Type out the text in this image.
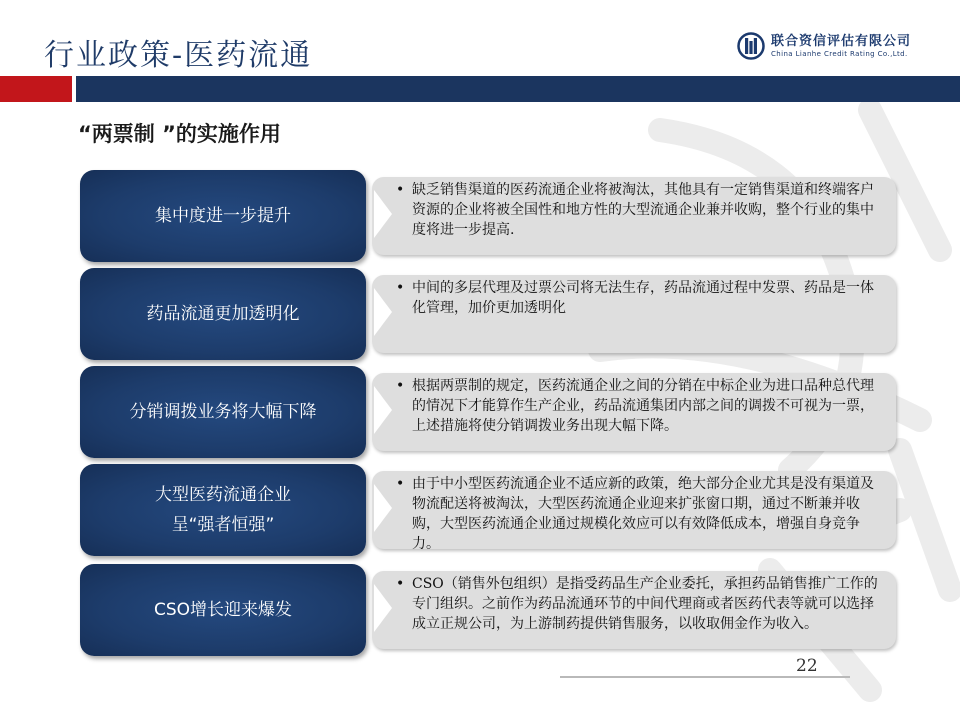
行业政策-医药流通	联合资信评估有限公司
China Lianhe Credit Rating Co.,Ltd.
“两票制 ”的实施作用
集中度进一步提升
• 缺乏销售渠道的医药流通企业将被淘汰，其他具有一定销售渠道和终端客户资源的企业将被全国性和地方性的大型流通企业兼并收购，整个行业的集中度将进一步提高.
药品流通更加透明化
• 中间的多层代理及过票公司将无法生存，药品流通过程中发票、药品是一体化管理，加价更加透明化
分销调拨业务将大幅下降
• 根据两票制的规定，医药流通企业之间的分销在中标企业为进口品种总代理的情况下才能算作生产企业，药品流通集团内部之间的调拨不可视为一票，上述措施将使分销调拨业务出现大幅下降。
大型医药流通企业
呈“强者恒强”
• 由于中小型医药流通企业不适应新的政策，绝大部分企业尤其是没有渠道及物流配送将被淘汰，大型医药流通企业迎来扩张窗口期，通过不断兼并收购，大型医药流通企业通过规模化效应可以有效降低成本，增强自身竞争力。
CSO增长迎来爆发
• CSO（销售外包组织）是指受药品生产企业委托，承担药品销售推广工作的专门组织。之前作为药品流通环节的中间代理商或者医药代表等就可以选择成立正规公司，为上游制药提供销售服务，以收取佣金作为收入。
22
